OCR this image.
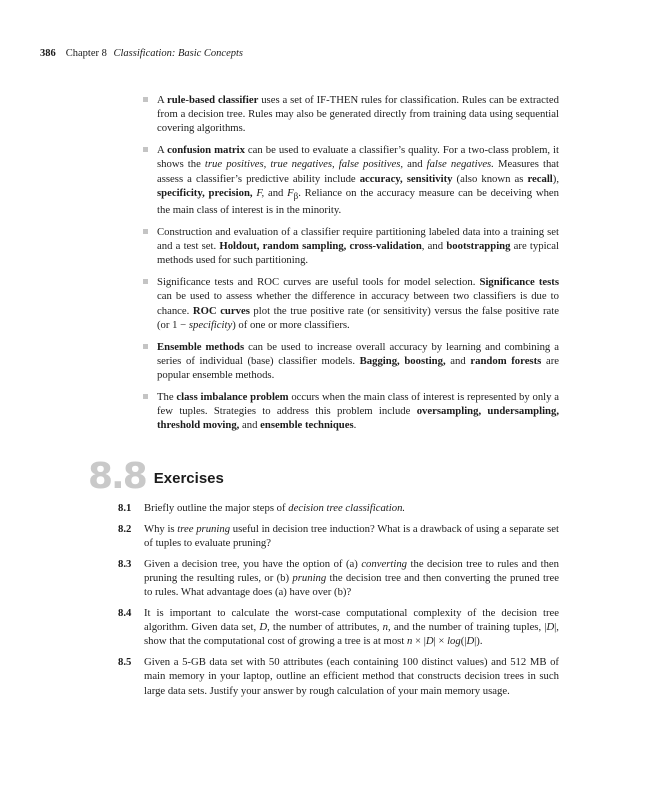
386 Chapter 8 Classification: Basic Concepts
A rule-based classifier uses a set of IF-THEN rules for classification. Rules can be extracted from a decision tree. Rules may also be generated directly from training data using sequential covering algorithms.
A confusion matrix can be used to evaluate a classifier’s quality. For a two-class problem, it shows the true positives, true negatives, false positives, and false negatives. Measures that assess a classifier’s predictive ability include accuracy, sensitivity (also known as recall), specificity, precision, F, and $F_\beta$. Reliance on the accuracy measure can be deceiving when the main class of interest is in the minority.
Construction and evaluation of a classifier require partitioning labeled data into a training set and a test set. Holdout, random sampling, cross-validation, and bootstrapping are typical methods used for such partitioning.
Significance tests and ROC curves are useful tools for model selection. Significance tests can be used to assess whether the difference in accuracy between two classifiers is due to chance. ROC curves plot the true positive rate (or sensitivity) versus the false positive rate (or 1 − specificity) of one or more classifiers.
Ensemble methods can be used to increase overall accuracy by learning and combining a series of individual (base) classifier models. Bagging, boosting, and random forests are popular ensemble methods.
The class imbalance problem occurs when the main class of interest is represented by only a few tuples. Strategies to address this problem include oversampling, undersampling, threshold moving, and ensemble techniques.
8.8 Exercises
8.1 Briefly outline the major steps of decision tree classification.
8.2 Why is tree pruning useful in decision tree induction? What is a drawback of using a separate set of tuples to evaluate pruning?
8.3 Given a decision tree, you have the option of (a) converting the decision tree to rules and then pruning the resulting rules, or (b) pruning the decision tree and then converting the pruned tree to rules. What advantage does (a) have over (b)?
8.4 It is important to calculate the worst-case computational complexity of the decision tree algorithm. Given data set, D, the number of attributes, n, and the number of training tuples, |D|, show that the computational cost of growing a tree is at most n × |D| × log(|D|).
8.5 Given a 5-GB data set with 50 attributes (each containing 100 distinct values) and 512 MB of main memory in your laptop, outline an efficient method that constructs decision trees in such large data sets. Justify your answer by rough calculation of your main memory usage.
